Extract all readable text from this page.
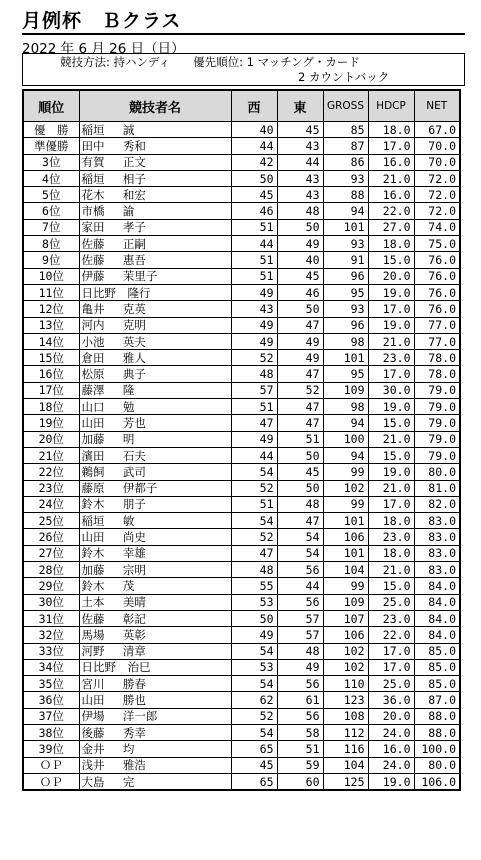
月例杯　Ｂクラス
2022 年 6 月 26 日（日）
競技方法: 持ハンディ　　優先順位: 1 マッチング・カード
2 カウントバック
順位	競技者名	西	東	GROSS	HDCP	NET
優　勝	稲垣　 誠	40	45	85	18.0	67.0
準優勝	田中　 秀和	44	43	87	17.0	70.0
3位	有賀　 正文	42	44	86	16.0	70.0
4位	稲垣　 相子	50	43	93	21.0	72.0
5位	花木　 和宏	45	43	88	16.0	72.0
6位	市橋　 諭	46	48	94	22.0	72.0
7位	家田　 孝子	51	50	101	27.0	74.0
8位	佐藤　 正嗣	44	49	93	18.0	75.0
9位	佐藤　 惠吾	51	40	91	15.0	76.0
10位	伊藤　 茉里子	51	45	96	20.0	76.0
11位	日比野　隆行	49	46	95	19.0	76.0
12位	亀井　 克英	43	50	93	17.0	76.0
13位	河内　 克明	49	47	96	19.0	77.0
14位	小池　 英夫	49	49	98	21.0	77.0
15位	倉田　 雅人	52	49	101	23.0	78.0
16位	松原　 典子	48	47	95	17.0	78.0
17位	藤澤　 隆	57	52	109	30.0	79.0
18位	山口　 勉	51	47	98	19.0	79.0
19位	山田　 芳也	47	47	94	15.0	79.0
20位	加藤　 明	49	51	100	21.0	79.0
21位	濱田　 石夫	44	50	94	15.0	79.0
22位	鵜飼　 武司	54	45	99	19.0	80.0
23位	藤原　 伊都子	52	50	102	21.0	81.0
24位	鈴木　 朋子	51	48	99	17.0	82.0
25位	稲垣　 敏	54	47	101	18.0	83.0
26位	山田　 尚史	52	54	106	23.0	83.0
27位	鈴木　 幸雄	47	54	101	18.0	83.0
28位	加藤　 宗明	48	56	104	21.0	83.0
29位	鈴木　 茂	55	44	99	15.0	84.0
30位	土本　 美晴	53	56	109	25.0	84.0
31位	佐藤　 彰記	50	57	107	23.0	84.0
32位	馬場　 英彰	49	57	106	22.0	84.0
33位	河野　 清章	54	48	102	17.0	85.0
34位	日比野　治巳	53	49	102	17.0	85.0
35位	宮川　 勝春	54	56	110	25.0	85.0
36位	山田　 勝也	62	61	123	36.0	87.0
37位	伊場　 洋一郎	52	56	108	20.0	88.0
38位	後藤　 秀幸	54	58	112	24.0	88.0
39位	金井　 均	65	51	116	16.0	100.0
ＯＰ	浅井　 雅浩	45	59	104	24.0	80.0
ＯＰ	大島　 完	65	60	125	19.0	106.0
